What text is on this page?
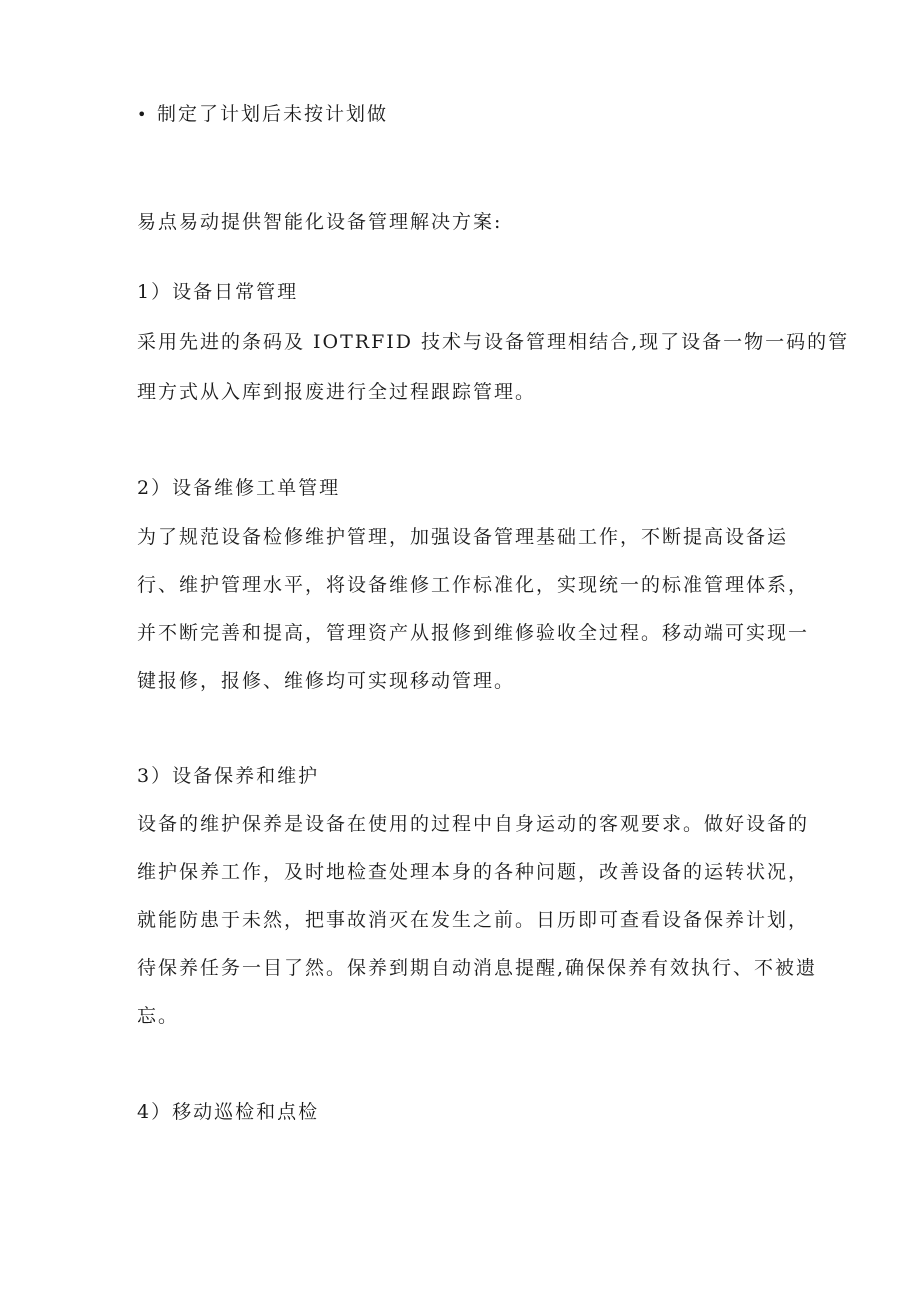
• 制定了计划后未按计划做
易点易动提供智能化设备管理解决方案:
1）设备日常管理
采用先进的条码及 IOTRFID 技术与设备管理相结合,现了设备一物一码的管
理方式从入库到报废进行全过程跟踪管理。
2）设备维修工单管理
为了规范设备检修维护管理，加强设备管理基础工作，不断提高设备运
行、维护管理水平，将设备维修工作标准化，实现统一的标准管理体系，
并不断完善和提高，管理资产从报修到维修验收全过程。移动端可实现一
键报修，报修、维修均可实现移动管理。
3）设备保养和维护
设备的维护保养是设备在使用的过程中自身运动的客观要求。做好设备的
维护保养工作，及时地检查处理本身的各种问题，改善设备的运转状况，
就能防患于未然，把事故消灭在发生之前。日历即可查看设备保养计划，
待保养任务一目了然。保养到期自动消息提醒,确保保养有效执行、不被遗
忘。
4）移动巡检和点检
